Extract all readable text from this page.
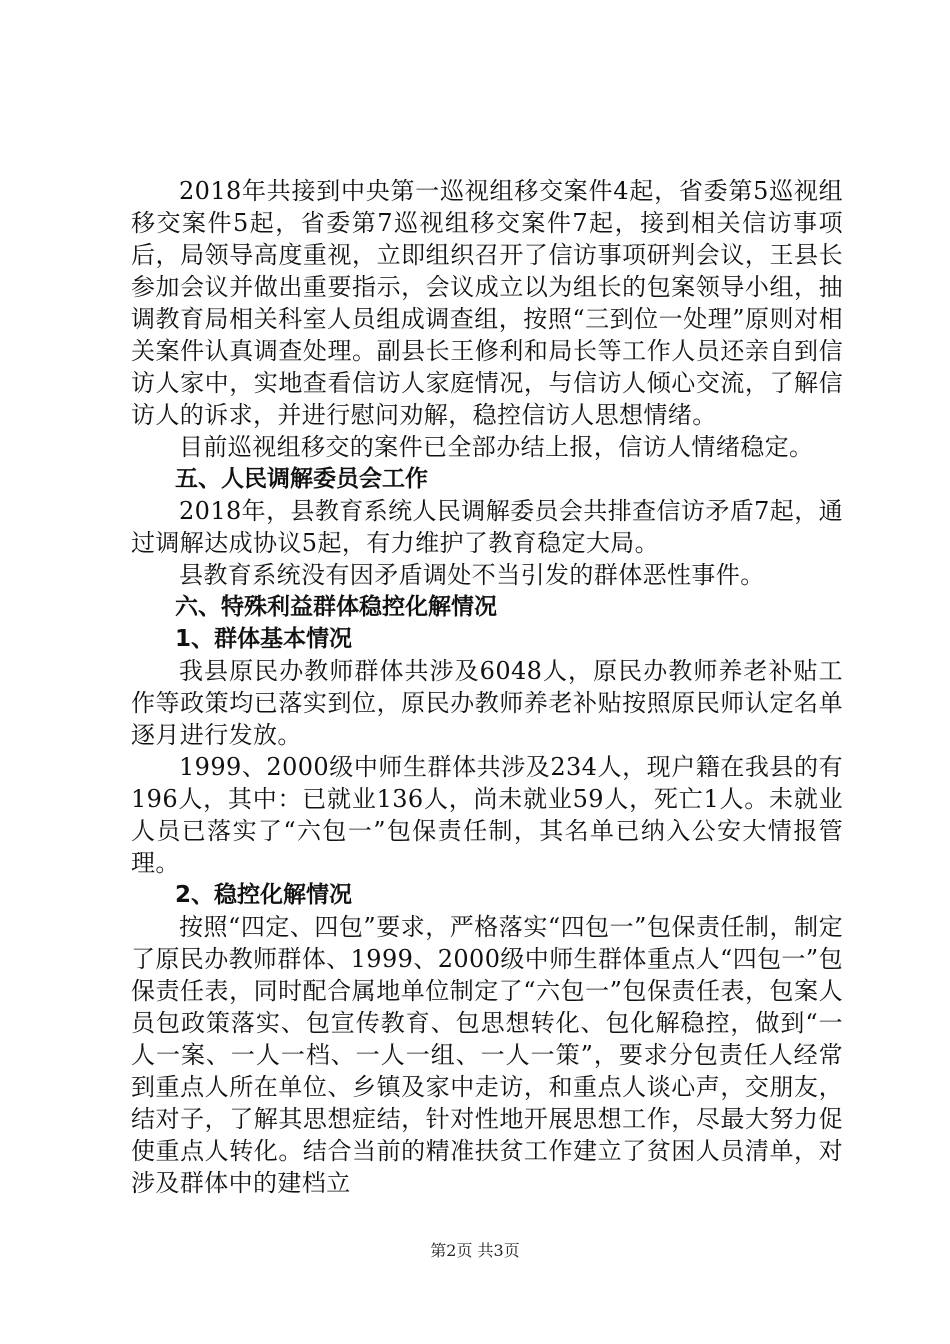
2018年共接到中央第一巡视组移交案件4起，省委第5巡视组移交案件5起，省委第7巡视组移交案件7起，接到相关信访事项后，局领导高度重视，立即组织召开了信访事项研判会议，王县长参加会议并做出重要指示，会议成立以为组长的包案领导小组，抽调教育局相关科室人员组成调查组，按照“三到位一处理”原则对相关案件认真调查处理。副县长王修利和局长等工作人员还亲自到信访人家中，实地查看信访人家庭情况，与信访人倾心交流，了解信访人的诉求，并进行慰问劝解，稳控信访人思想情绪。

目前巡视组移交的案件已全部办结上报，信访人情绪稳定。

五、人民调解委员会工作

2018年，县教育系统人民调解委员会共排查信访矛盾7起，通过调解达成协议5起，有力维护了教育稳定大局。

县教育系统没有因矛盾调处不当引发的群体恶性事件。

六、特殊利益群体稳控化解情况

1、群体基本情况

我县原民办教师群体共涉及6048人，原民办教师养老补贴工作等政策均已落实到位，原民办教师养老补贴按照原民师认定名单逐月进行发放。

1999、2000级中师生群体共涉及234人，现户籍在我县的有196人，其中：已就业136人，尚未就业59人，死亡1人。未就业人员已落实了“六包一”包保责任制，其名单已纳入公安大情报管理。

2、稳控化解情况

按照“四定、四包”要求，严格落实“四包一”包保责任制，制定了原民办教师群体、1999、2000级中师生群体重点人“四包一”包保责任表，同时配合属地单位制定了“六包一”包保责任表，包案人员包政策落实、包宣传教育、包思想转化、包化解稳控，做到“一人一案、一人一档、一人一组、一人一策”，要求分包责任人经常到重点人所在单位、乡镇及家中走访，和重点人谈心声，交朋友，结对子，了解其思想症结，针对性地开展思想工作，尽最大努力促使重点人转化。结合当前的精准扶贫工作建立了贫困人员清单，对涉及群体中的建档立

第2页 共3页
